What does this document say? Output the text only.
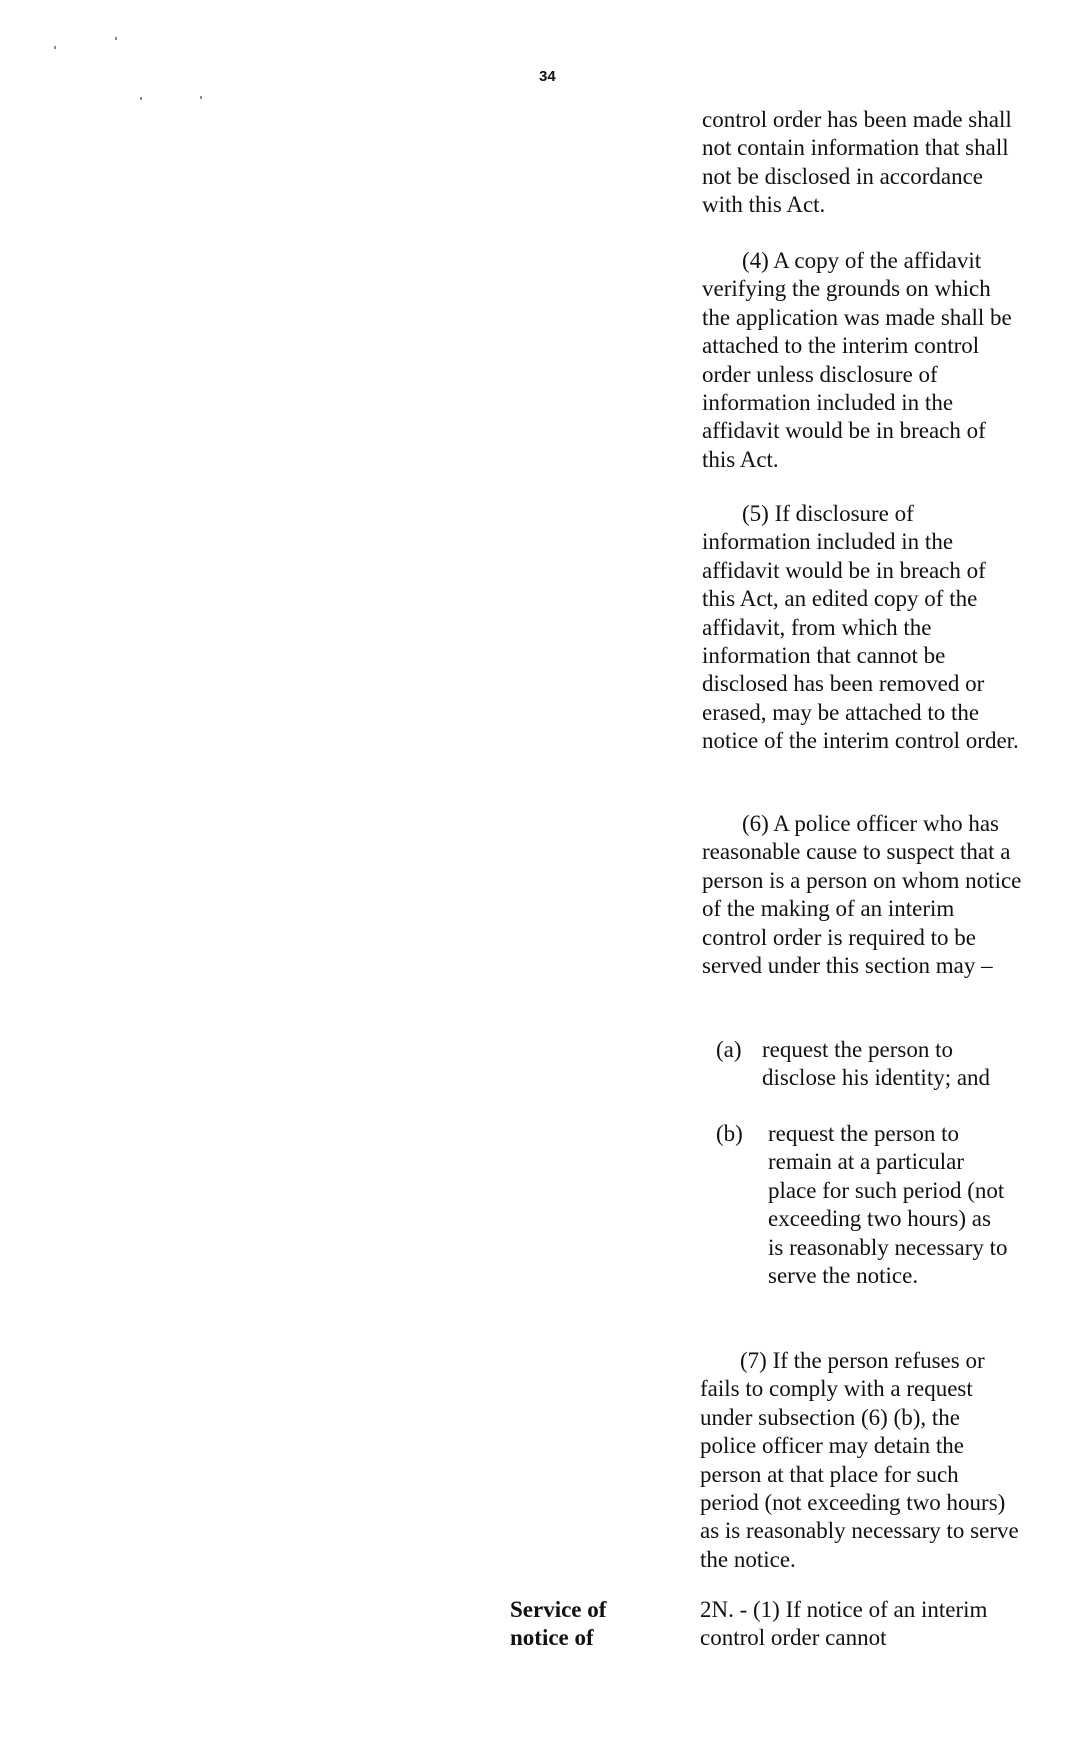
34

control order has been made shall not contain information that shall not be disclosed in accordance with this Act.

(4) A copy of the affidavit verifying the grounds on which the application was made shall be attached to the interim control order unless disclosure of information included in the affidavit would be in breach of this Act.

(5) If disclosure of information included in the affidavit would be in breach of this Act, an edited copy of the affidavit, from which the information that cannot be disclosed has been removed or erased, may be attached to the notice of the interim control order.

(6) A police officer who has reasonable cause to suspect that a person is a person on whom notice of the making of an interim control order is required to be served under this section may –

(a) request the person to disclose his identity; and
(b) request the person to remain at a particular place for such period (not exceeding two hours) as is reasonably necessary to serve the notice.

(7) If the person refuses or fails to comply with a request under subsection (6) (b), the police officer may detain the person at that place for such period (not exceeding two hours) as is reasonably necessary to serve the notice.

Service of notice of

2N. - (1) If notice of an interim control order cannot
